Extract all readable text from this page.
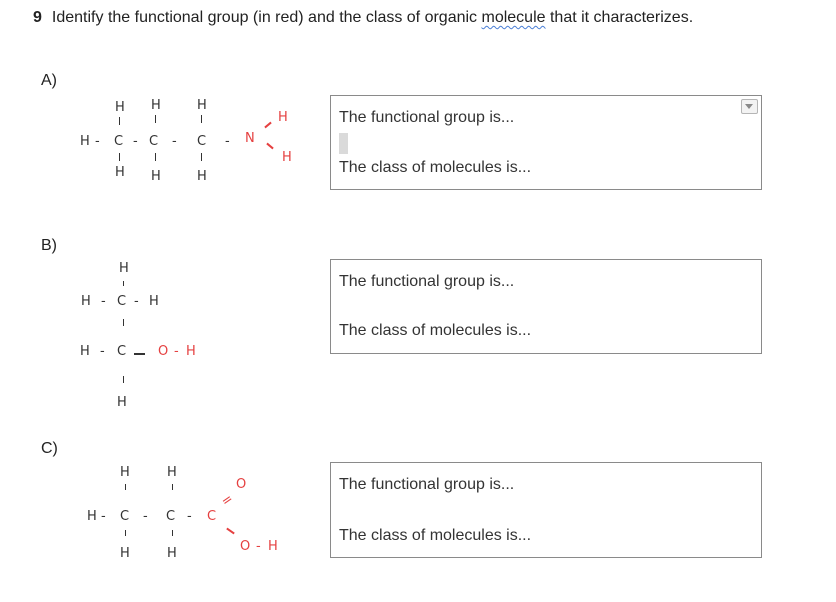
9 Identify the functional group (in red) and the class of organic molecule that it characterizes.
A)
H H	H
H - C - C - C - N
H
H
H H	H
The functional group is...
The class of molecules is...
B)
H
H - C - H
H - C O - H
H
The functional group is...
The class of molecules is...
C)
H	H
H - C - C - C
=
O
O - H
H	H
The functional group is...
The class of molecules is...
